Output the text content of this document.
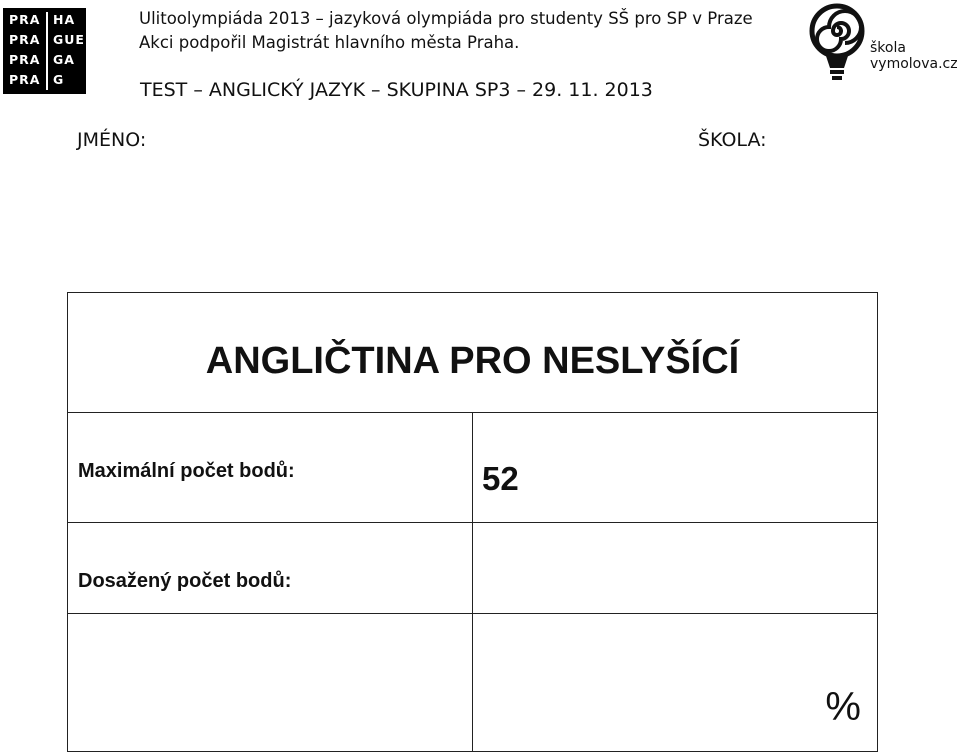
PRA
PRA
PRA
PRA
HA
GUE
GA
G
Ulitoolympiáda 2013 – jazyková olympiáda pro studenty SŠ pro SP v Praze
Akci podpořil Magistrát hlavního města Praha.
TEST – ANGLICKÝ JAZYK – SKUPINA SP3 – 29. 11. 2013
škola
vymolova.cz
JMÉNO:	ŠKOLA:
ANGLIČTINA PRO NESLYŠÍCÍ
Maximální počet bodů:	52
Dosažený počet bodů:
%
